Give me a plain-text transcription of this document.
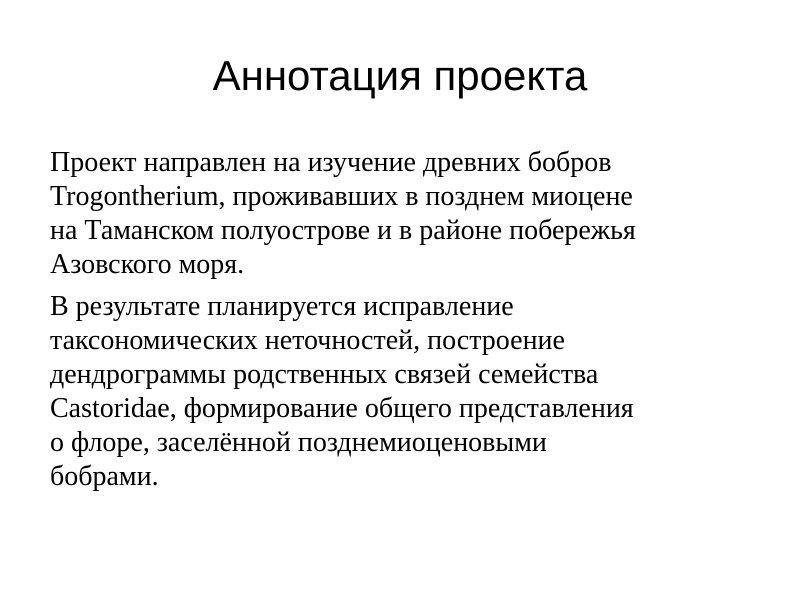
Аннотация проекта

Проект направлен на изучение древних бобров
Trogontherium, проживавших в позднем миоцене
на Таманском полуострове и в районе побережья
Азовского моря.

В результате планируется исправление
таксономических неточностей, построение
дендрограммы родственных связей семейства
Castoridae, формирование общего представления
о флоре, заселённой позднемиоценовыми
бобрами.
